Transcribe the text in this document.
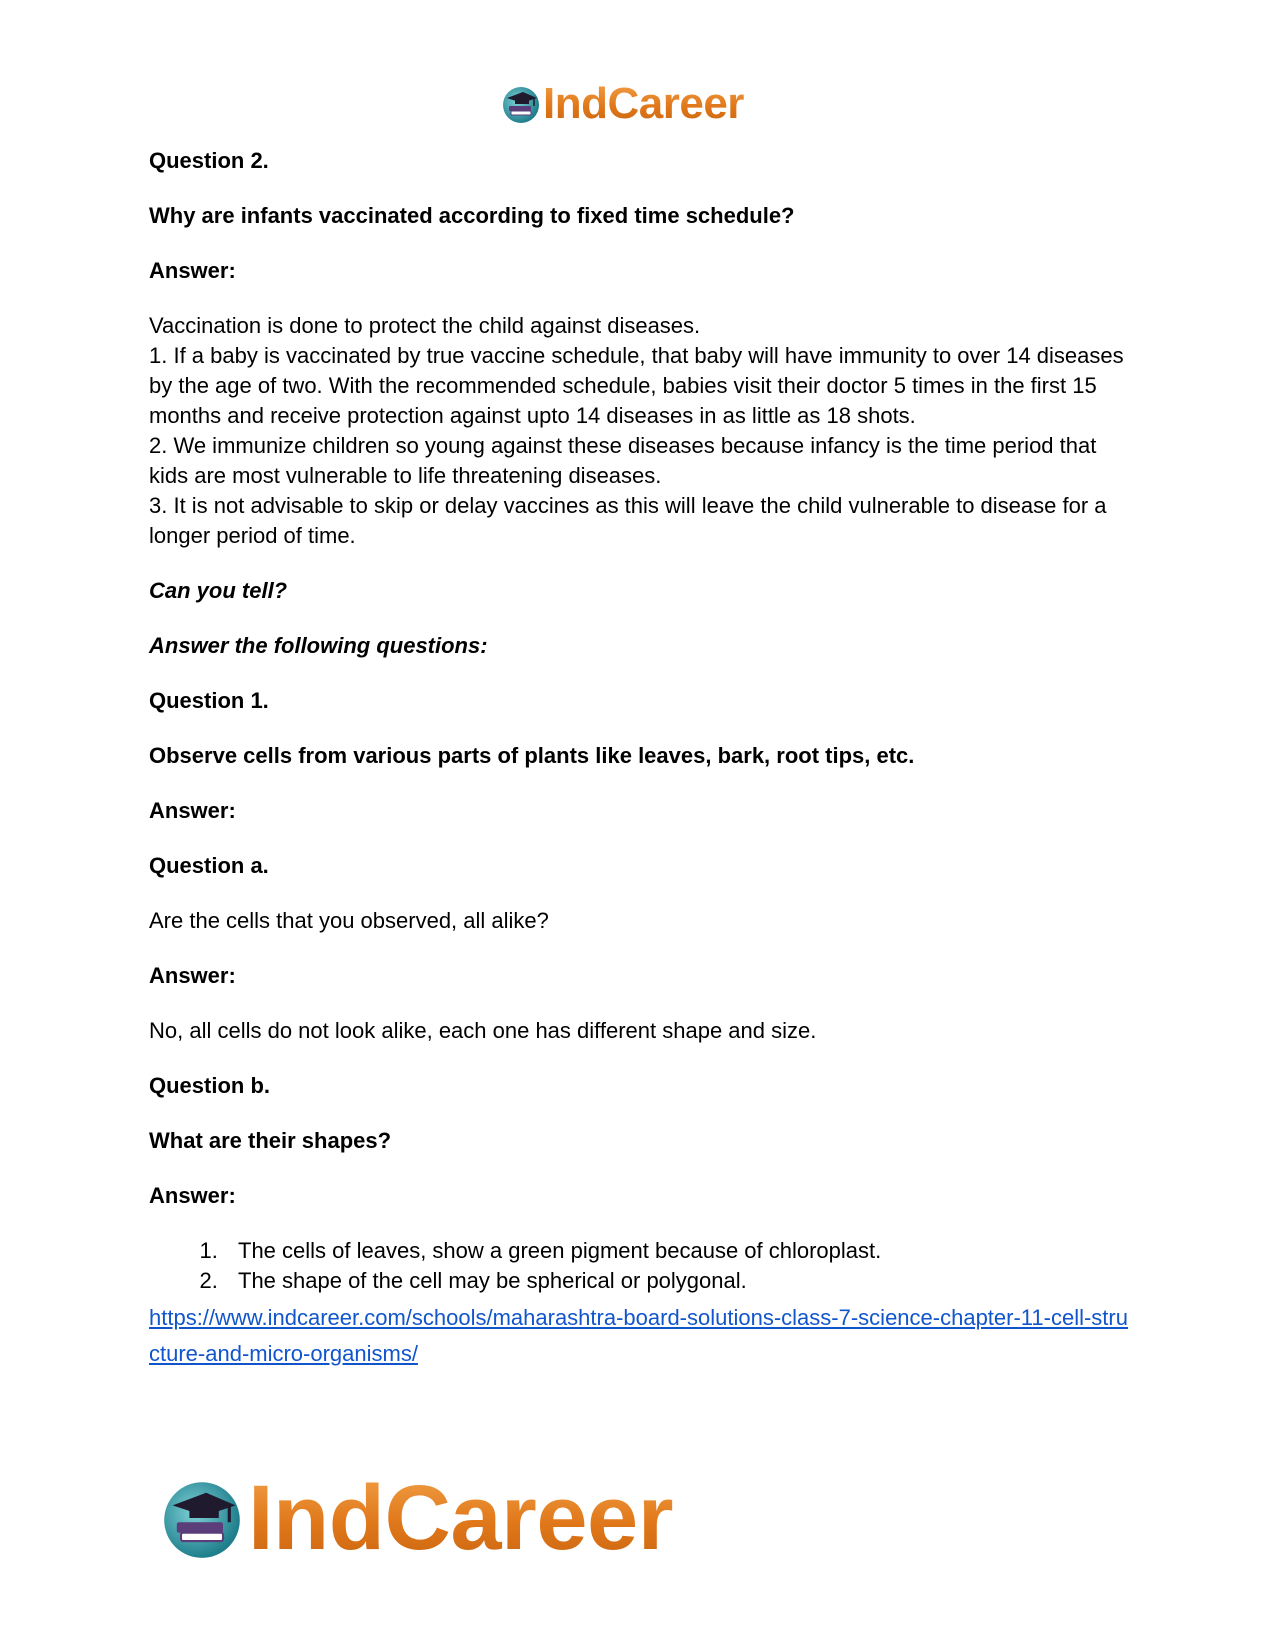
IndCareer

Question 2.

Why are infants vaccinated according to fixed time schedule?

Answer:

Vaccination is done to protect the child against diseases.

1. If a baby is vaccinated by true vaccine schedule, that baby will have immunity to over 14 diseases by the age of two. With the recommended schedule, babies visit their doctor 5 times in the first 15 months and receive protection against upto 14 diseases in as little as 18 shots.

2. We immunize children so young against these diseases because infancy is the time period that kids are most vulnerable to life threatening diseases.

3. It is not advisable to skip or delay vaccines as this will leave the child vulnerable to disease for a longer period of time.

Can you tell?

Answer the following questions:

Question 1.

Observe cells from various parts of plants like leaves, bark, root tips, etc.

Answer:

Question a.

Are the cells that you observed, all alike?

Answer:

No, all cells do not look alike, each one has different shape and size.

Question b.

What are their shapes?

Answer:

1. The cells of leaves, show a green pigment because of chloroplast.
2. The shape of the cell may be spherical or polygonal.
https://www.indcareer.com/schools/maharashtra-board-solutions-class-7-science-chapter-11-cell-structure-and-micro-organisms/
IndCareer
